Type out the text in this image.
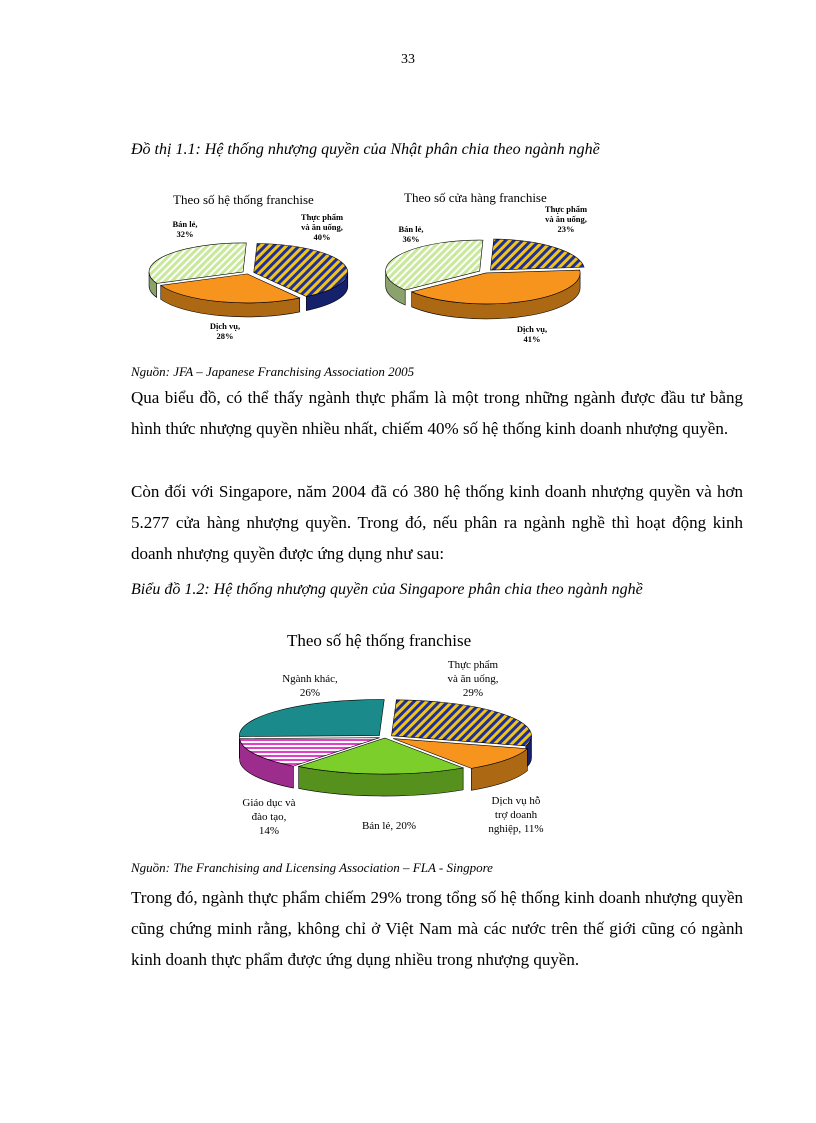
33
Đồ thị 1.1: Hệ thống nhượng quyền của Nhật phân chia theo ngành nghề
Theo số hệ thống franchise
Thực phẩm và ăn uống, 40%
Dịch vụ, 28%
Bán lẻ, 32%
Theo số cửa hàng franchise
Thực phẩm và ăn uống, 23%
Dịch vụ, 41%
Bán lẻ, 36%
Nguồn: JFA – Japanese Franchising Association 2005

Qua biểu đồ, có thể thấy ngành thực phẩm là một trong những ngành được đầu tư bằng hình thức nhượng quyền nhiều nhất, chiếm 40% số hệ thống kinh doanh nhượng quyền.

Còn đối với Singapore, năm 2004 đã có 380 hệ thống kinh doanh nhượng quyền và hơn 5.277 cửa hàng nhượng quyền. Trong đó, nếu phân ra ngành nghề thì hoạt động kinh doanh nhượng quyền được ứng dụng như sau:

Biểu đồ 1.2: Hệ thống nhượng quyền của Singapore phân chia theo ngành nghề
Theo số hệ thống franchise
Thực phẩm và ăn uống, 29%
Dịch vụ hỗ trợ doanh nghiệp, 11%
Bán lẻ, 20%
Giáo dục và đào tạo, 14%
Ngành khác, 26%
Nguồn: The Franchising and Licensing Association – FLA - Singpore

Trong đó, ngành thực phẩm chiếm 29% trong tổng số hệ thống kinh doanh nhượng quyền cũng chứng minh rằng, không chỉ ở Việt Nam mà các nước trên thế giới cũng có ngành kinh doanh thực phẩm được ứng dụng nhiều trong nhượng quyền.
